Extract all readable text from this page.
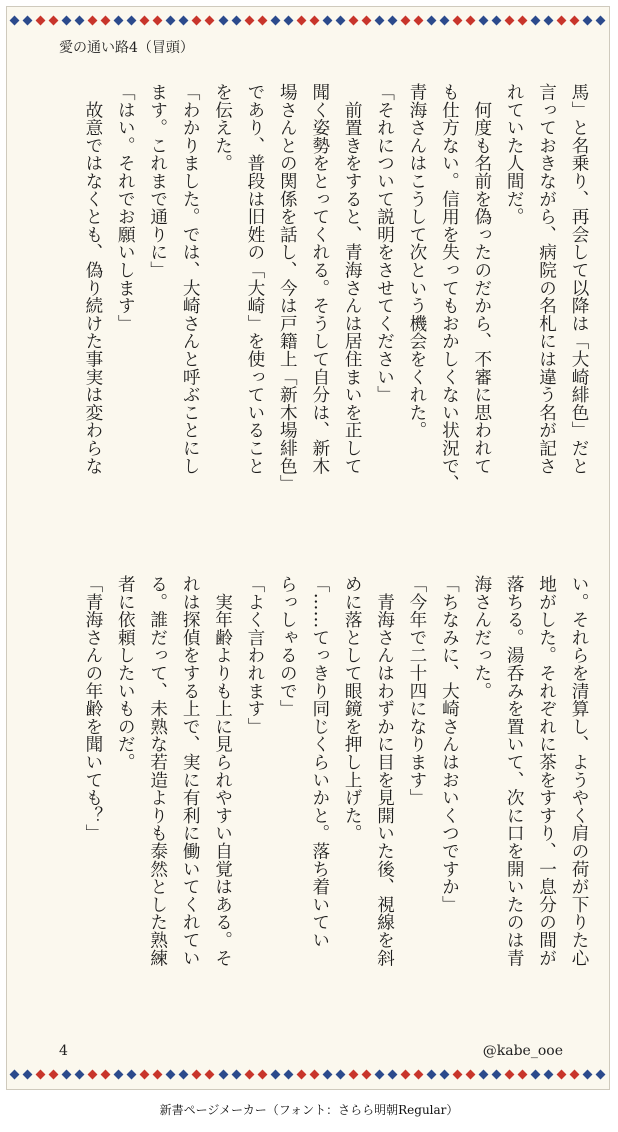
愛の通い路4（冒頭）
馬」と名乗り、再会して以降は「大崎緋色」だと
言っておきながら、病院の名札には違う名が記さ
れていた人間だ。
　何度も名前を偽ったのだから、不審に思われて
も仕方ない。信用を失ってもおかしくない状況で、
青海さんはこうして次という機会をくれた。
「それについて説明をさせてください」
　前置きをすると、青海さんは居住まいを正して
聞く姿勢をとってくれる。そうして自分は、新木
場さんとの関係を話し、今は戸籍上「新木場緋色」
であり、普段は旧姓の「大崎」を使っていること
を伝えた。
「わかりました。では、大崎さんと呼ぶことにし
ます。これまで通りに」
「はい。それでお願いします」
　故意ではなくとも、偽り続けた事実は変わらな
い。それらを清算し、ようやく肩の荷が下りた心
地がした。それぞれに茶をすすり、一息分の間が
落ちる。湯呑みを置いて、次に口を開いたのは青
海さんだった。
「ちなみに、大崎さんはおいくつですか」
「今年で二十四になります」
　青海さんはわずかに目を見開いた後、視線を斜
めに落として眼鏡を押し上げた。
「……てっきり同じくらいかと。落ち着いてい
らっしゃるので」
「よく言われます」
　実年齢よりも上に見られやすい自覚はある。そ
れは探偵をする上で、実に有利に働いてくれてい
る。誰だって、未熟な若造よりも泰然とした熟練
者に依頼したいものだ。
「青海さんの年齢を聞いても？」
4	@kabe_ooe
新書ページメーカー（フォント：さらら明朝Regular）
